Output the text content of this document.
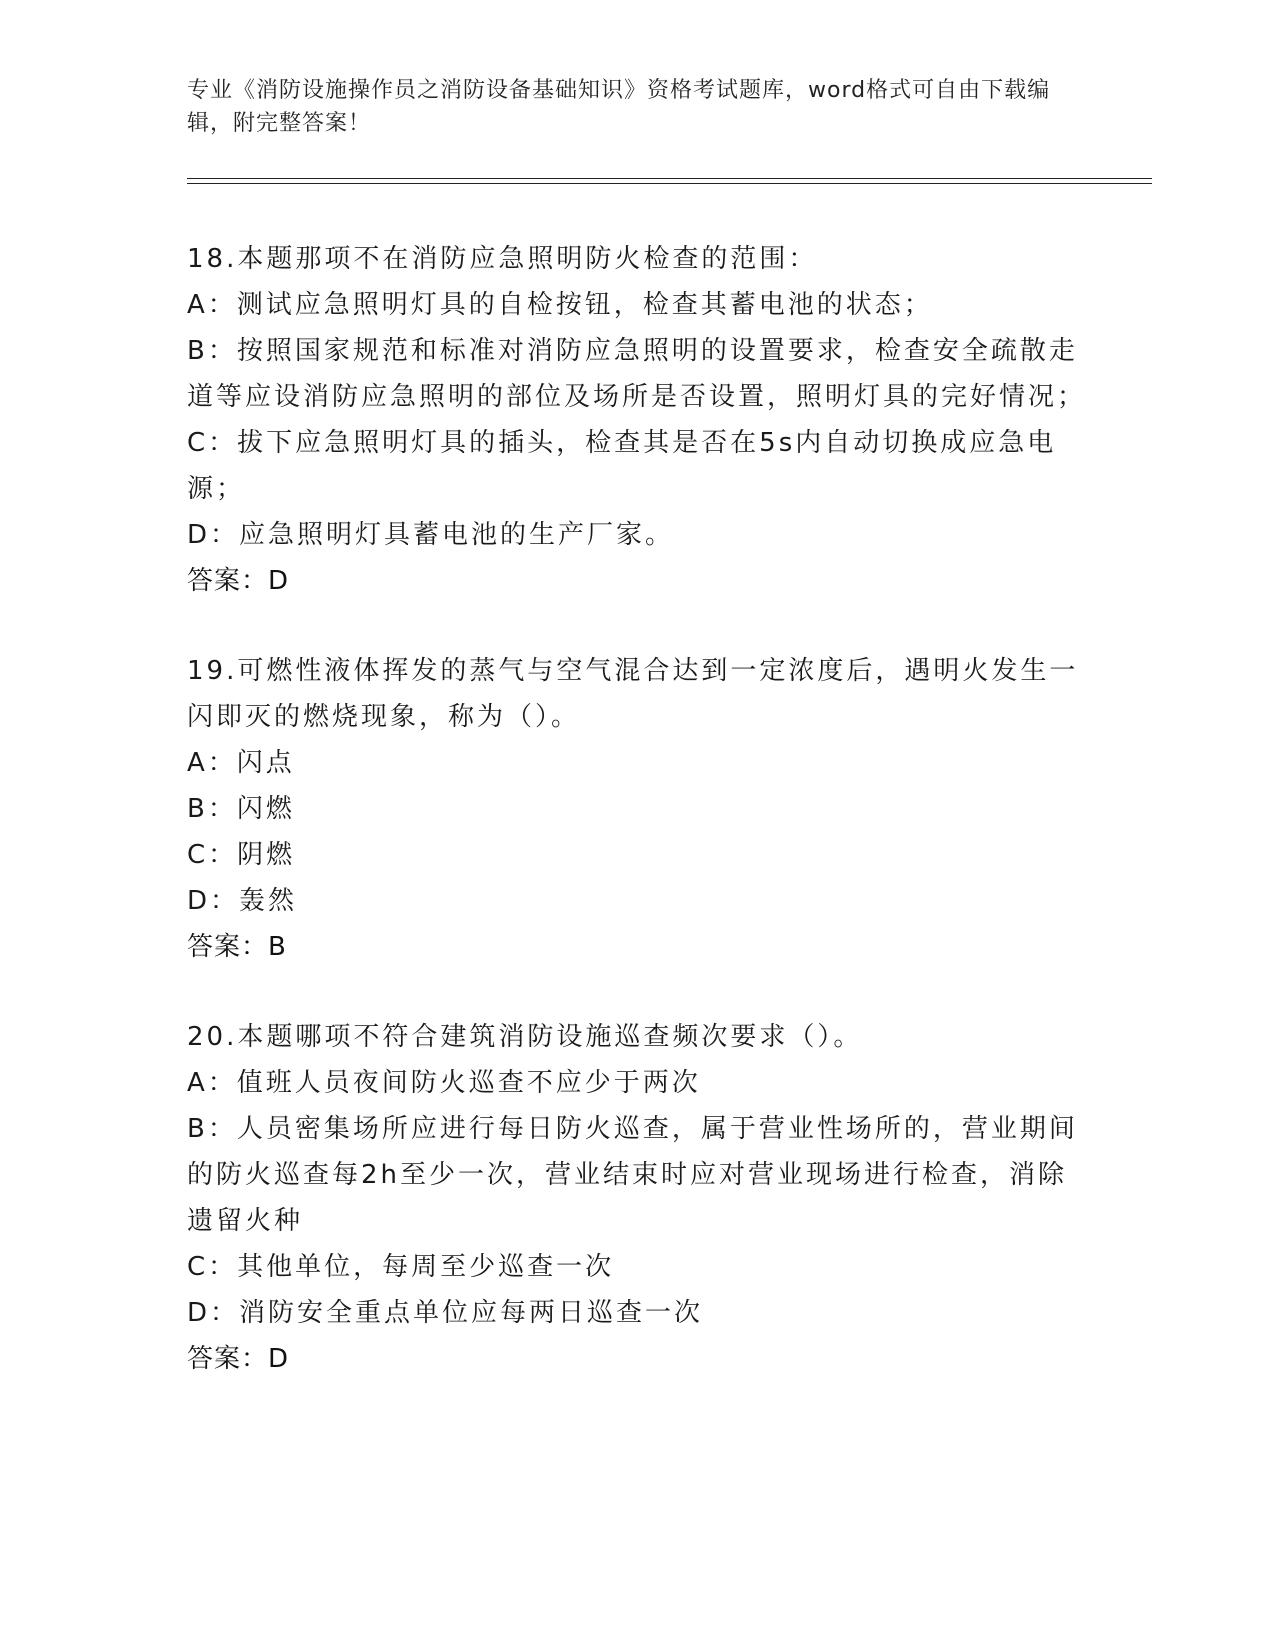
专业《消防设施操作员之消防设备基础知识》资格考试题库，word格式可自由下载编辑，附完整答案！

18.本题那项不在消防应急照明防火检查的范围：

A：测试应急照明灯具的自检按钮，检查其蓄电池的状态；

B：按照国家规范和标准对消防应急照明的设置要求，检查安全疏散走道等应设消防应急照明的部位及场所是否设置，照明灯具的完好情况；

C：拔下应急照明灯具的插头，检查其是否在5s内自动切换成应急电源；

D：应急照明灯具蓄电池的生产厂家。

答案：D

19.可燃性液体挥发的蒸气与空气混合达到一定浓度后，遇明火发生一闪即灭的燃烧现象，称为（）。

A：闪点

B：闪燃

C：阴燃

D：轰然

答案：B

20.本题哪项不符合建筑消防设施巡查频次要求（）。

A：值班人员夜间防火巡查不应少于两次

B：人员密集场所应进行每日防火巡查，属于营业性场所的，营业期间的防火巡查每2h至少一次，营业结束时应对营业现场进行检查，消除遗留火种

C：其他单位，每周至少巡查一次

D：消防安全重点单位应每两日巡查一次

答案：D
